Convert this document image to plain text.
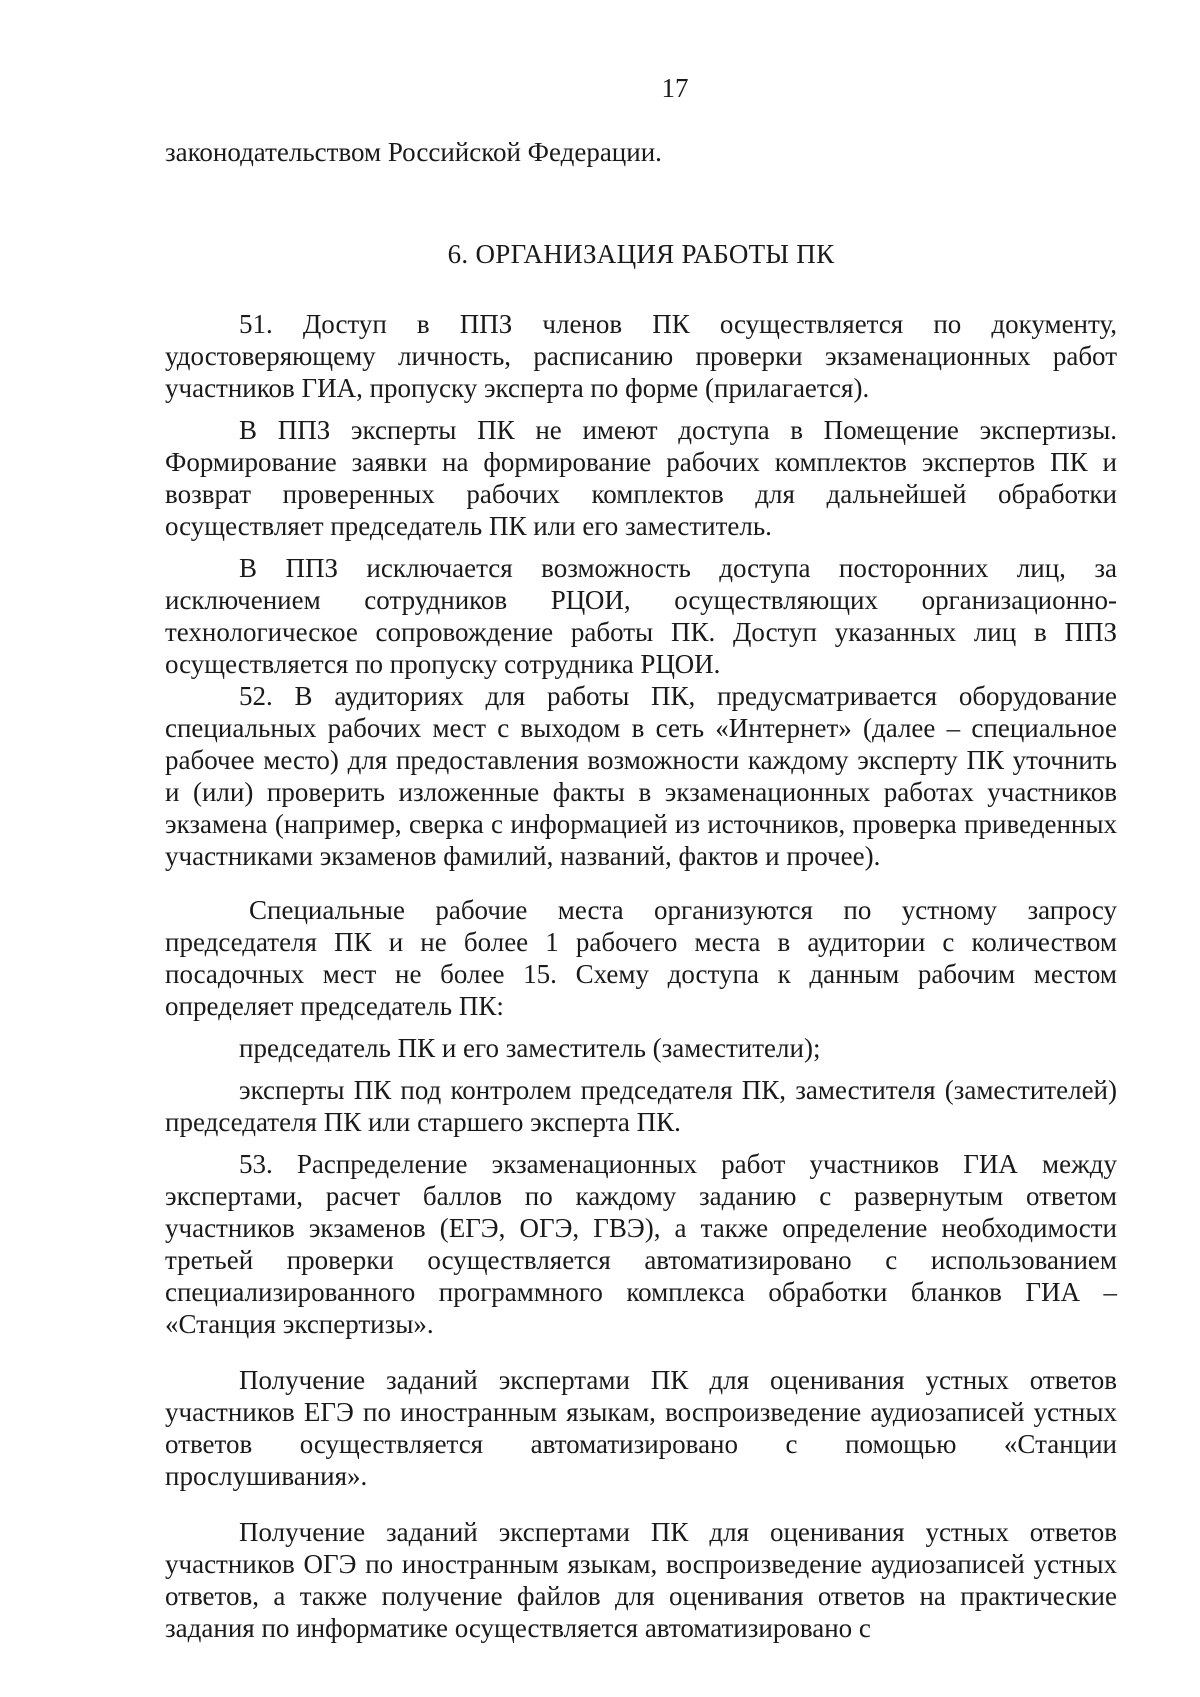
17

законодательством Российской Федерации.

6. ОРГАНИЗАЦИЯ РАБОТЫ ПК

51. Доступ в ППЗ членов ПК осуществляется по документу, удостоверяющему личность, расписанию проверки экзаменационных работ участников ГИА, пропуску эксперта по форме (прилагается).

В ППЗ эксперты ПК не имеют доступа в Помещение экспертизы. Формирование заявки на формирование рабочих комплектов экспертов ПК и возврат проверенных рабочих комплектов для дальнейшей обработки осуществляет председатель ПК или его заместитель.

В ППЗ исключается возможность доступа посторонних лиц, за исключением сотрудников РЦОИ, осуществляющих организационно-технологическое сопровождение работы ПК. Доступ указанных лиц в ППЗ осуществляется по пропуску сотрудника РЦОИ.

52. В аудиториях для работы ПК, предусматривается оборудование специальных рабочих мест с выходом в сеть «Интернет» (далее – специальное рабочее место) для предоставления возможности каждому эксперту ПК уточнить и (или) проверить изложенные факты в экзаменационных работах участников экзамена (например, сверка с информацией из источников, проверка приведенных участниками экзаменов фамилий, названий, фактов и прочее).

Специальные рабочие места организуются по устному запросу председателя ПК и не более 1 рабочего места в аудитории с количеством посадочных мест не более 15. Схему доступа к данным рабочим местом определяет председатель ПК:

председатель ПК и его заместитель (заместители);

эксперты ПК под контролем председателя ПК, заместителя (заместителей) председателя ПК или старшего эксперта ПК.

53. Распределение экзаменационных работ участников ГИА между экспертами, расчет баллов по каждому заданию с развернутым ответом участников экзаменов (ЕГЭ, ОГЭ, ГВЭ), а также определение необходимости третьей проверки осуществляется автоматизировано с использованием специализированного программного комплекса обработки бланков ГИА – «Станция экспертизы».

Получение заданий экспертами ПК для оценивания устных ответов участников ЕГЭ по иностранным языкам, воспроизведение аудиозаписей устных ответов осуществляется автоматизировано с помощью «Станции прослушивания».

Получение заданий экспертами ПК для оценивания устных ответов участников ОГЭ по иностранным языкам, воспроизведение аудиозаписей устных ответов, а также получение файлов для оценивания ответов на практические задания по информатике осуществляется автоматизировано с
